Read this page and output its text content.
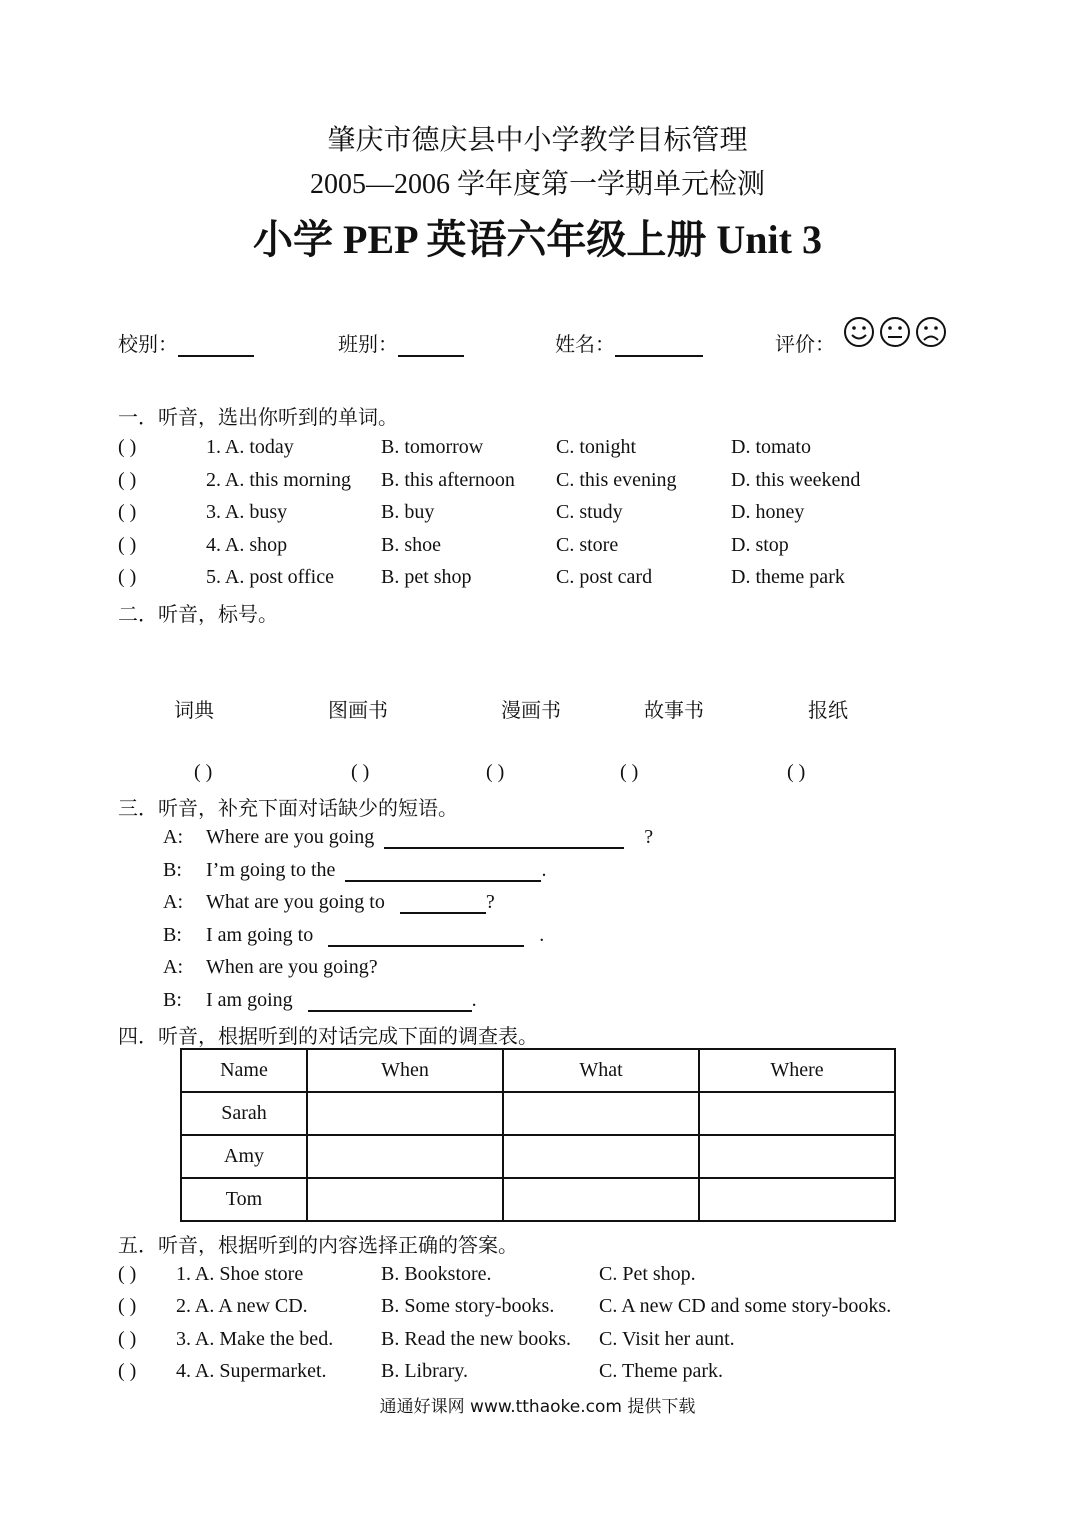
肇庆市德庆县中小学教学目标管理
2005—2006 学年度第一学期单元检测
小学 PEP 英语六年级上册 Unit 3
校别：	班别：	姓名：	评价：
一．听音，选出你听到的单词。
( )	1. A. today	B. tomorrow	C. tonight	D. tomato
( )	2. A. this morning B. this afternoon C. this evening	D. this weekend
( )	3. A. busy	B. buy	C. study	D. honey
( )	4. A. shop	B. shoe	C. store	D. stop
( )	5. A. post office B. pet shop	C. post card	D. theme park
二．听音，标号。
词典	图画书	漫画书	故事书	报纸
( )	( )	( )	( )	( )
三．听音，补充下面对话缺少的短语。
A: Where are you going	?
B: I’m going to the	.
A: What are you going to	?
B: I am going to	.
A: When are you going?
B: I am going	.
四．听音，根据听到的对话完成下面的调查表。
Name	When	What	Where
Sarah			
Amy			
Tom			
五．听音，根据听到的内容选择正确的答案。
( ) 1. A. Shoe store	B. Bookstore.	C. Pet shop.
( ) 2. A. A new CD.	B. Some story-books. C. A new CD and some story-books.
( ) 3. A. Make the bed. B. Read the new books. C. Visit her aunt.
( ) 4. A. Supermarket.	B. Library.	C. Theme park.
通通好课网 www.tthaoke.com 提供下载
